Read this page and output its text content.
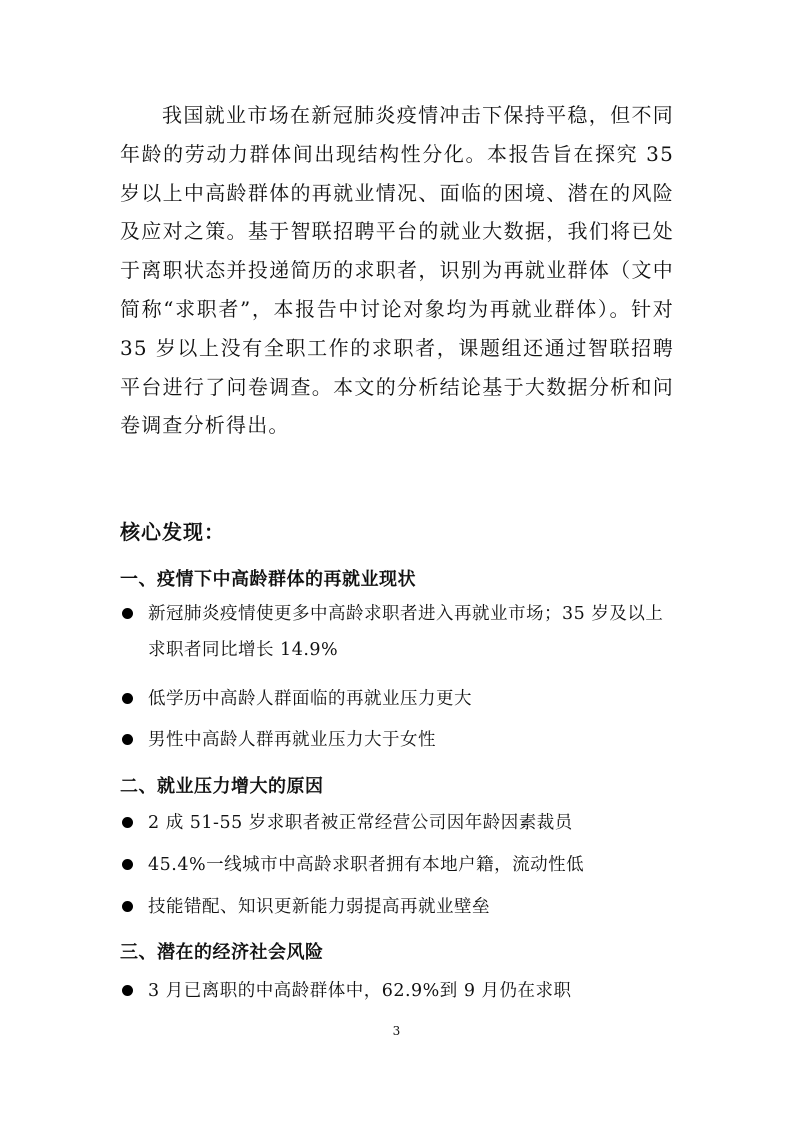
我国就业市场在新冠肺炎疫情冲击下保持平稳，但不同年龄的劳动力群体间出现结构性分化。本报告旨在探究 35 岁以上中高龄群体的再就业情况、面临的困境、潜在的风险及应对之策。基于智联招聘平台的就业大数据，我们将已处于离职状态并投递简历的求职者，识别为再就业群体（文中简称“求职者”，本报告中讨论对象均为再就业群体）。针对 35 岁以上没有全职工作的求职者，课题组还通过智联招聘平台进行了问卷调查。本文的分析结论基于大数据分析和问卷调查分析得出。

核心发现：

一、疫情下中高龄群体的再就业现状

新冠肺炎疫情使更多中高龄求职者进入再就业市场；35 岁及以上求职者同比增长 14.9%
低学历中高龄人群面临的再就业压力更大
男性中高龄人群再就业压力大于女性

二、就业压力增大的原因

2 成 51-55 岁求职者被正常经营公司因年龄因素裁员
45.4%一线城市中高龄求职者拥有本地户籍，流动性低
技能错配、知识更新能力弱提高再就业壁垒

三、潜在的经济社会风险

3 月已离职的中高龄群体中，62.9%到 9 月仍在求职
3
